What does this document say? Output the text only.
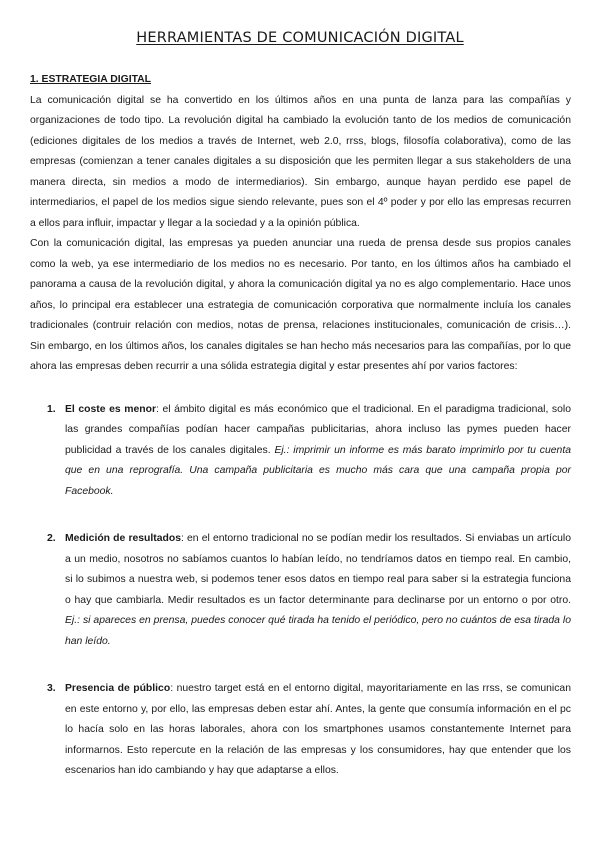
HERRAMIENTAS DE COMUNICACIÓN DIGITAL

1. ESTRATEGIA DIGITAL

La comunicación digital se ha convertido en los últimos años en una punta de lanza para las compañías y organizaciones de todo tipo. La revolución digital ha cambiado la evolución tanto de los medios de comunicación (ediciones digitales de los medios a través de Internet, web 2.0, rrss, blogs, filosofía colaborativa), como de las empresas (comienzan a tener canales digitales a su disposición que les permiten llegar a sus stakeholders de una manera directa, sin medios a modo de intermediarios). Sin embargo, aunque hayan perdido ese papel de intermediarios, el papel de los medios sigue siendo relevante, pues son el 4º poder y por ello las empresas recurren a ellos para influir, impactar y llegar a la sociedad y a la opinión pública.

Con la comunicación digital, las empresas ya pueden anunciar una rueda de prensa desde sus propios canales como la web, ya ese intermediario de los medios no es necesario. Por tanto, en los últimos años ha cambiado el panorama a causa de la revolución digital, y ahora la comunicación digital ya no es algo complementario. Hace unos años, lo principal era establecer una estrategia de comunicación corporativa que normalmente incluía los canales tradicionales (contruir relación con medios, notas de prensa, relaciones institucionales, comunicación de crisis…). Sin embargo, en los últimos años, los canales digitales se han hecho más necesarios para las compañías, por lo que ahora las empresas deben recurrir a una sólida estrategia digital y estar presentes ahí por varios factores:

1. El coste es menor: el ámbito digital es más económico que el tradicional. En el paradigma tradicional, solo las grandes compañías podían hacer campañas publicitarias, ahora incluso las pymes pueden hacer publicidad a través de los canales digitales. Ej.: imprimir un informe es más barato imprimirlo por tu cuenta que en una reprografía. Una campaña publicitaria es mucho más cara que una campaña propia por Facebook.
2. Medición de resultados: en el entorno tradicional no se podían medir los resultados. Si enviabas un artículo a un medio, nosotros no sabíamos cuantos lo habían leído, no tendríamos datos en tiempo real. En cambio, si lo subimos a nuestra web, si podemos tener esos datos en tiempo real para saber si la estrategia funciona o hay que cambiarla. Medir resultados es un factor determinante para declinarse por un entorno o por otro. Ej.: si apareces en prensa, puedes conocer qué tirada ha tenido el periódico, pero no cuántos de esa tirada lo han leído.
3. Presencia de público: nuestro target está en el entorno digital, mayoritariamente en las rrss, se comunican en este entorno y, por ello, las empresas deben estar ahí. Antes, la gente que consumía información en el pc lo hacía solo en las horas laborales, ahora con los smartphones usamos constantemente Internet para informarnos. Esto repercute en la relación de las empresas y los consumidores, hay que entender que los escenarios han ido cambiando y hay que adaptarse a ellos.
